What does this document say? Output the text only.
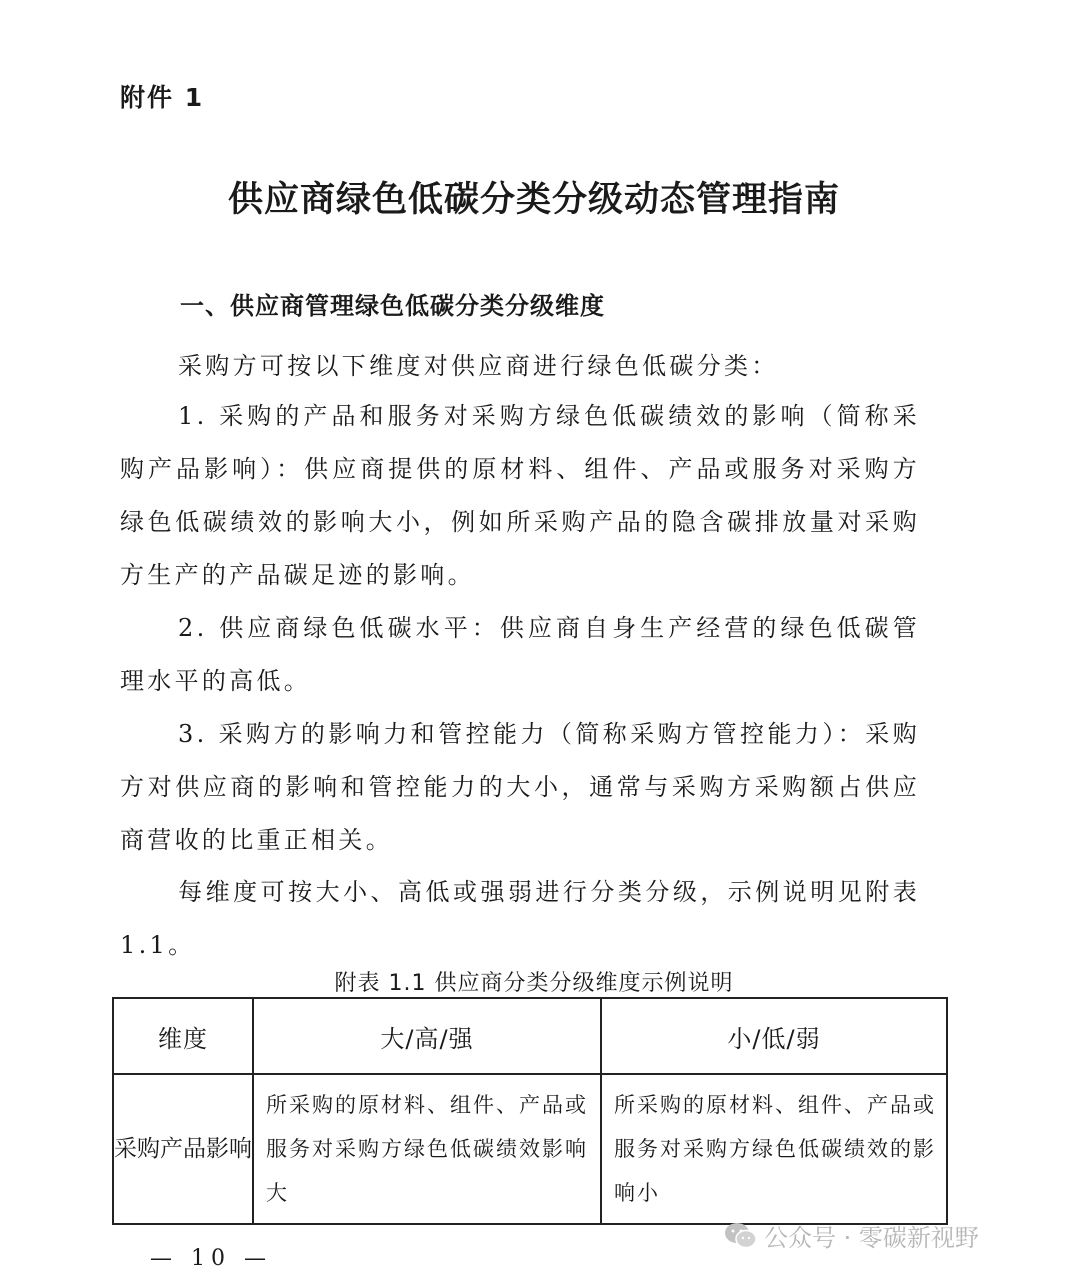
附件 1
供应商绿色低碳分类分级动态管理指南
一、供应商管理绿色低碳分类分级维度
采购方可按以下维度对供应商进行绿色低碳分类：
1. 采购的产品和服务对采购方绿色低碳绩效的影响（简称采购产品影响）：供应商提供的原材料、组件、产品或服务对采购方绿色低碳绩效的影响大小，例如所采购产品的隐含碳排放量对采购方生产的产品碳足迹的影响。
2. 供应商绿色低碳水平：供应商自身生产经营的绿色低碳管理水平的高低。
3. 采购方的影响力和管控能力（简称采购方管控能力）：采购方对供应商的影响和管控能力的大小，通常与采购方采购额占供应商营收的比重正相关。
每维度可按大小、高低或强弱进行分类分级，示例说明见附表 1.1。
附表 1.1 供应商分类分级维度示例说明
维度	大/高/强	小/低/弱
采购产品影响	所采购的原材料、组件、产品或服务对采购方绿色低碳绩效影响大	所采购的原材料、组件、产品或服务对采购方绿色低碳绩效的影响小
— 10 —
公众号 · 零碳新视野
